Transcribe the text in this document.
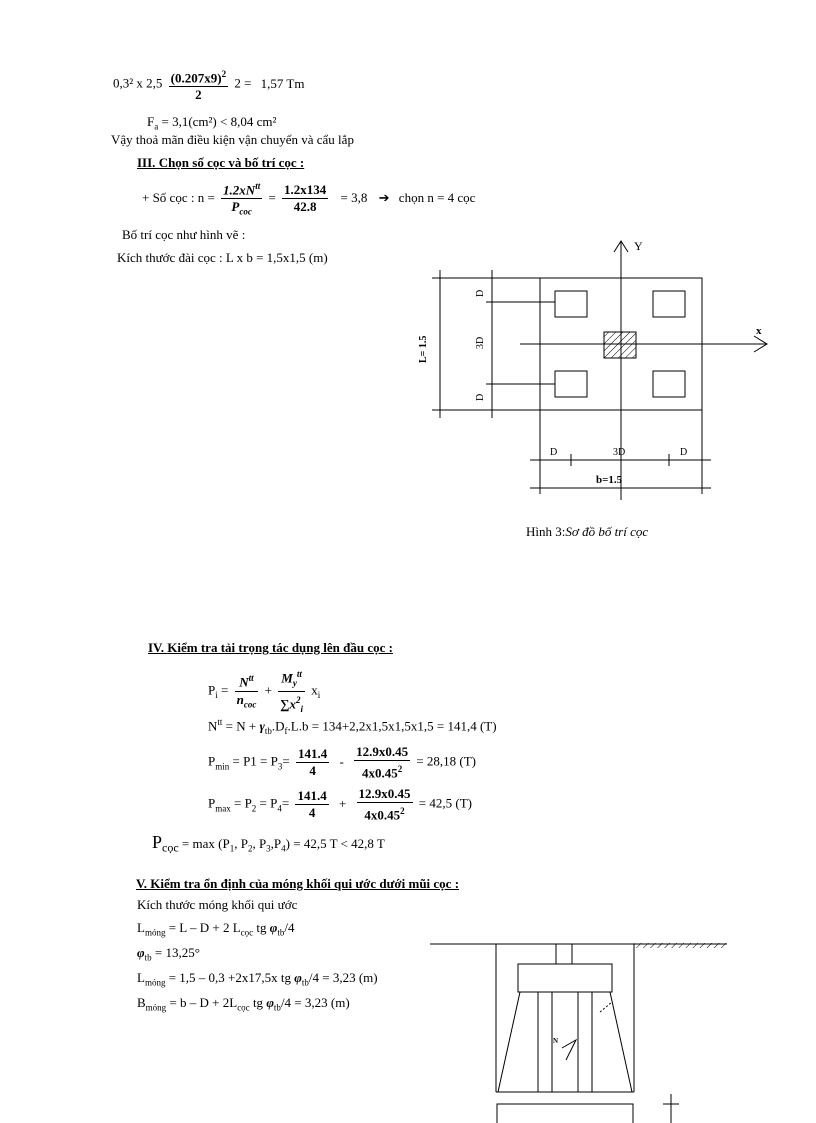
0,3² x $2,5 \frac{(0.207x9)^2}{2} 2 = 1,57$ Tm
$F_a = 3,1(cm^2) < 8,04$ cm²
Vậy thoả mãn điều kiện vận chuyển và cẩu lắp
III. Chọn số cọc và bố trí cọc :
+ Số cọc : $n = \frac{1.2xN^{tt}}{P_{coc}} = \frac{1.2x134}{42.8} = 3,8$ ➔ chọn n = 4 cọc
Bố trí cọc như hình vẽ :
Kích thước đài cọc : L x b = 1,5x1,5 (m)
Y
x
D
3D
D
L= 1.5
D	3D	D
b=1.5
Hình 3:Sơ đồ bố trí cọc
IV. Kiểm tra tải trọng tác dụng lên đầu cọc :
$P_i = \frac{N^{tt}}{n_{coc}} + \frac{M_y^{tt}}{\sum x^2_i} x_i$
$N^{tt} = N + \gamma_{tb}.D_f.L.b = 134+2,2x1,5x1,5x1,5 = 141,4$ (T)
$P_{min} = P1 = P_3= \frac{141.4}{4} - \frac{12.9x0.45}{4x0.45^2} = 28,18$ (T)
$P_{max} = P_2 = P_4= \frac{141.4}{4} + \frac{12.9x0.45}{4x0.45^2} = 42,5$ (T)
$P_{cọc} = \max (P_1$, $P_2$, $P_3,P_4) = 42,5$ T < 42,8 T
V. Kiểm tra ổn định của móng khối qui ước dưới mũi cọc :
Kích thước móng khối qui ước
$L_{móng} = L - D + 2$ $L_{cọc}$ tg $\varphi_{tb}/4$
$\varphi_{tb} = 13,25^\circ$
$L_{móng} = 1,5 - 0,3 +2x17,5x$ tg $\varphi_{tb}/4 = 3,23$ (m)
$B_{móng} = b - D + 2L_{cọc}$ tg $\varphi_{tb}/4 = 3,23$ (m)
N
